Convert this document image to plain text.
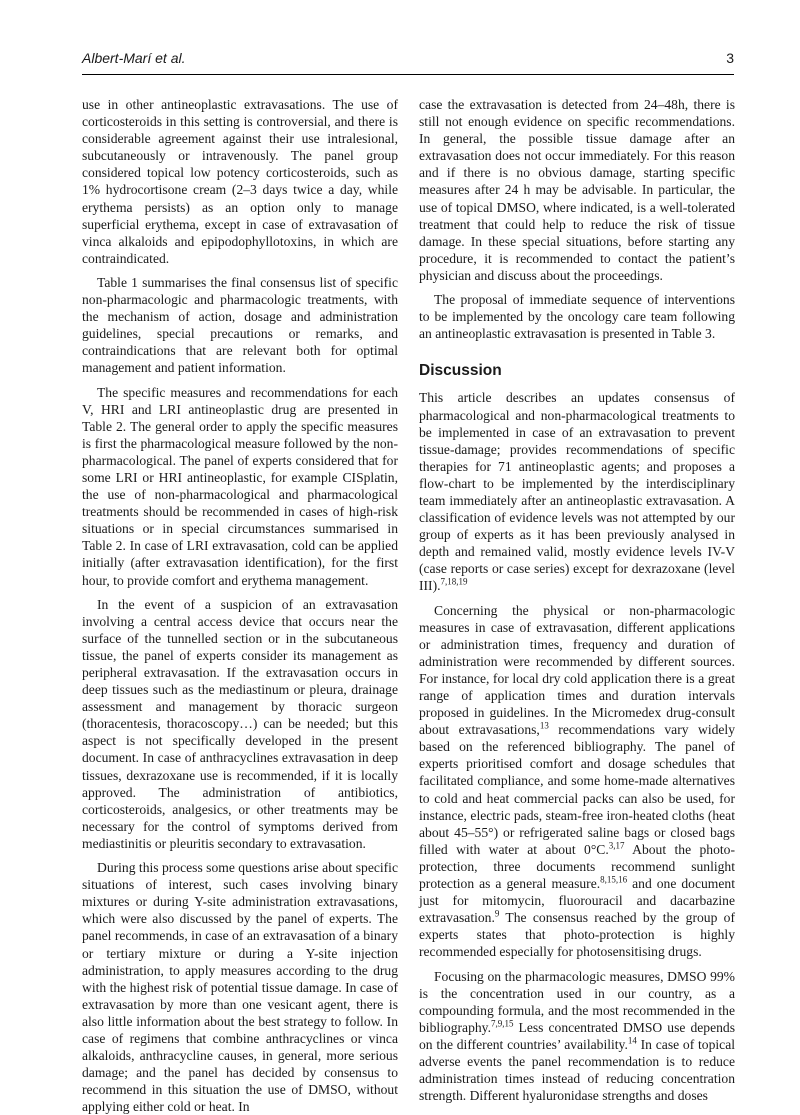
Albert-Marí et al.	3

use in other antineoplastic extravasations. The use of corticosteroids in this setting is controversial, and there is considerable agreement against their use intralesional, subcutaneously or intravenously. The panel group considered topical low potency corticosteroids, such as 1% hydrocortisone cream (2–3 days twice a day, while erythema persists) as an option only to manage superficial erythema, except in case of extravasation of vinca alkaloids and epipodophyllotoxins, in which are contraindicated.

Table 1 summarises the final consensus list of specific non-pharmacologic and pharmacologic treatments, with the mechanism of action, dosage and administration guidelines, special precautions or remarks, and contraindications that are relevant both for optimal management and patient information.

The specific measures and recommendations for each V, HRI and LRI antineoplastic drug are presented in Table 2. The general order to apply the specific measures is first the pharmacological measure followed by the non-pharmacological. The panel of experts considered that for some LRI or HRI antineoplastic, for example CISplatin, the use of non-pharmacological and pharmacological treatments should be recommended in cases of high-risk situations or in special circumstances summarised in Table 2. In case of LRI extravasation, cold can be applied initially (after extravasation identification), for the first hour, to provide comfort and erythema management.

In the event of a suspicion of an extravasation involving a central access device that occurs near the surface of the tunnelled section or in the subcutaneous tissue, the panel of experts consider its management as peripheral extravasation. If the extravasation occurs in deep tissues such as the mediastinum or pleura, drainage assessment and management by thoracic surgeon (thoracentesis, thoracoscopy…) can be needed; but this aspect is not specifically developed in the present document. In case of anthracyclines extravasation in deep tissues, dexrazoxane use is recommended, if it is locally approved. The administration of antibiotics, corticosteroids, analgesics, or other treatments may be necessary for the control of symptoms derived from mediastinitis or pleuritis secondary to extravasation.

During this process some questions arise about specific situations of interest, such cases involving binary mixtures or during Y-site administration extravasations, which were also discussed by the panel of experts. The panel recommends, in case of an extravasation of a binary or tertiary mixture or during a Y-site injection administration, to apply measures according to the drug with the highest risk of potential tissue damage. In case of extravasation by more than one vesicant agent, there is also little information about the best strategy to follow. In case of regimens that combine anthracyclines or vinca alkaloids, anthracycline causes, in general, more serious damage; and the panel has decided by consensus to recommend in this situation the use of DMSO, without applying either cold or heat. In

case the extravasation is detected from 24–48h, there is still not enough evidence on specific recommendations. In general, the possible tissue damage after an extravasation does not occur immediately. For this reason and if there is no obvious damage, starting specific measures after 24 h may be advisable. In particular, the use of topical DMSO, where indicated, is a well-tolerated treatment that could help to reduce the risk of tissue damage. In these special situations, before starting any procedure, it is recommended to contact the patient’s physician and discuss about the proceedings.

The proposal of immediate sequence of interventions to be implemented by the oncology care team following an antineoplastic extravasation is presented in Table 3.

Discussion

This article describes an updates consensus of pharmacological and non-pharmacological treatments to be implemented in case of an extravasation to prevent tissue-damage; provides recommendations of specific therapies for 71 antineoplastic agents; and proposes a flow-chart to be implemented by the interdisciplinary team immediately after an antineoplastic extravasation. A classification of evidence levels was not attempted by our group of experts as it has been previously analysed in depth and remained valid, mostly evidence levels IV-V (case reports or case series) except for dexrazoxane (level III).$^{7,18,19}$

Concerning the physical or non-pharmacologic measures in case of extravasation, different applications or administration times, frequency and duration of administration were recommended by different sources. For instance, for local dry cold application there is a great range of application times and duration intervals proposed in guidelines. In the Micromedex drug-consult about extravasations,$^{13}$ recommendations vary widely based on the referenced bibliography. The panel of experts prioritised comfort and dosage schedules that facilitated compliance, and some home-made alternatives to cold and heat commercial packs can also be used, for instance, electric pads, steam-free iron-heated cloths (heat about 45–55°) or refrigerated saline bags or closed bags filled with water at about 0°C.$^{3,17}$ About the photo-protection, three documents recommend sunlight protection as a general measure.$^{8,15,16}$ and one document just for mitomycin, fluorouracil and dacarbazine extravasation.$^9$ The consensus reached by the group of experts states that photo-protection is highly recommended especially for photosensitising drugs.

Focusing on the pharmacologic measures, DMSO 99% is the concentration used in our country, as a compounding formula, and the most recommended in the bibliography.$^{7,9,15}$ Less concentrated DMSO use depends on the different countries’ availability.$^{14}$ In case of topical adverse events the panel recommendation is to reduce administration times instead of reducing concentration strength. Different hyaluronidase strengths and doses
